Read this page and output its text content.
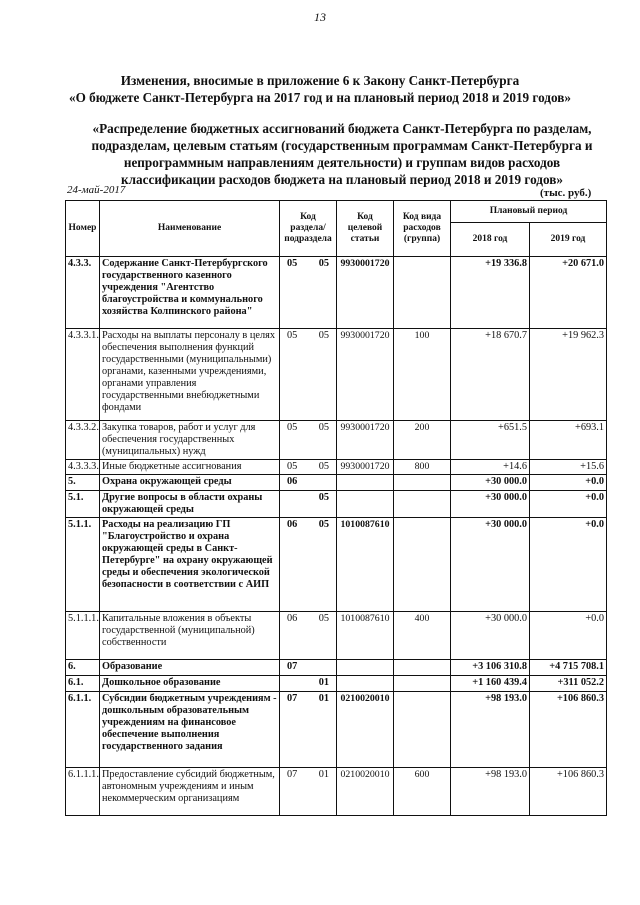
13
Изменения, вносимые в приложение 6 к Закону Санкт-Петербурга
«О бюджете Санкт-Петербурга на 2017 год и на плановый период 2018 и 2019 годов»
«Распределение бюджетных ассигнований бюджета Санкт-Петербурга по разделам,
подразделам, целевым статьям (государственным программам Санкт-Петербурга и
непрограммным направлениям деятельности) и группам видов расходов
классификации расходов бюджета на плановый период 2018 и 2019 годов»
24-май-2017	(тыс. руб.)
Номер	Наименование	Код раздела/ подраздела	Код целевой статьи	Код вида расходов (группа)	Плановый период	
					2018 год	2019 год
4.3.3.	Содержание Санкт-Петербургского государственного казенного учреждения "Агентство благоустройства и коммунального хозяйства Колпинского района"	05 05	9930001720		+19 336.8	+20 671.0
4.3.3.1.	Расходы на выплаты персоналу в целях обеспечения выполнения функций государственными (муниципальными) органами, казенными учреждениями, органами управления государственными внебюджетными фондами	05 05	9930001720	100	+18 670.7	+19 962.3
4.3.3.2.	Закупка товаров, работ и услуг для обеспечения государственных (муниципальных) нужд	05 05	9930001720	200	+651.5	+693.1
4.3.3.3.	Иные бюджетные ассигнования	05 05	9930001720	800	+14.6	+15.6
5.	Охрана окружающей среды	06			+30 000.0	+0.0
5.1.	Другие вопросы в области охраны окружающей среды	05			+30 000.0	+0.0
5.1.1.	Расходы на реализацию ГП "Благоустройство и охрана окружающей среды в Санкт-Петербурге" на охрану окружающей среды и обеспечения экологической безопасности в соответствии с АИП	06 05	1010087610		+30 000.0	+0.0
5.1.1.1.	Капитальные вложения в объекты государственной (муниципальной) собственности	06 05	1010087610	400	+30 000.0	+0.0
6.	Образование	07			+3 106 310.8	+4 715 708.1
6.1.	Дошкольное образование	01			+1 160 439.4	+311 052.2
6.1.1.	Субсидии бюджетным учреждениям - дошкольным образовательным учреждениям на финансовое обеспечение выполнения государственного задания	07 01	0210020010		+98 193.0	+106 860.3
6.1.1.1.	Предоставление субсидий бюджетным, автономным учреждениям и иным некоммерческим организациям	07 01	0210020010	600	+98 193.0	+106 860.3
